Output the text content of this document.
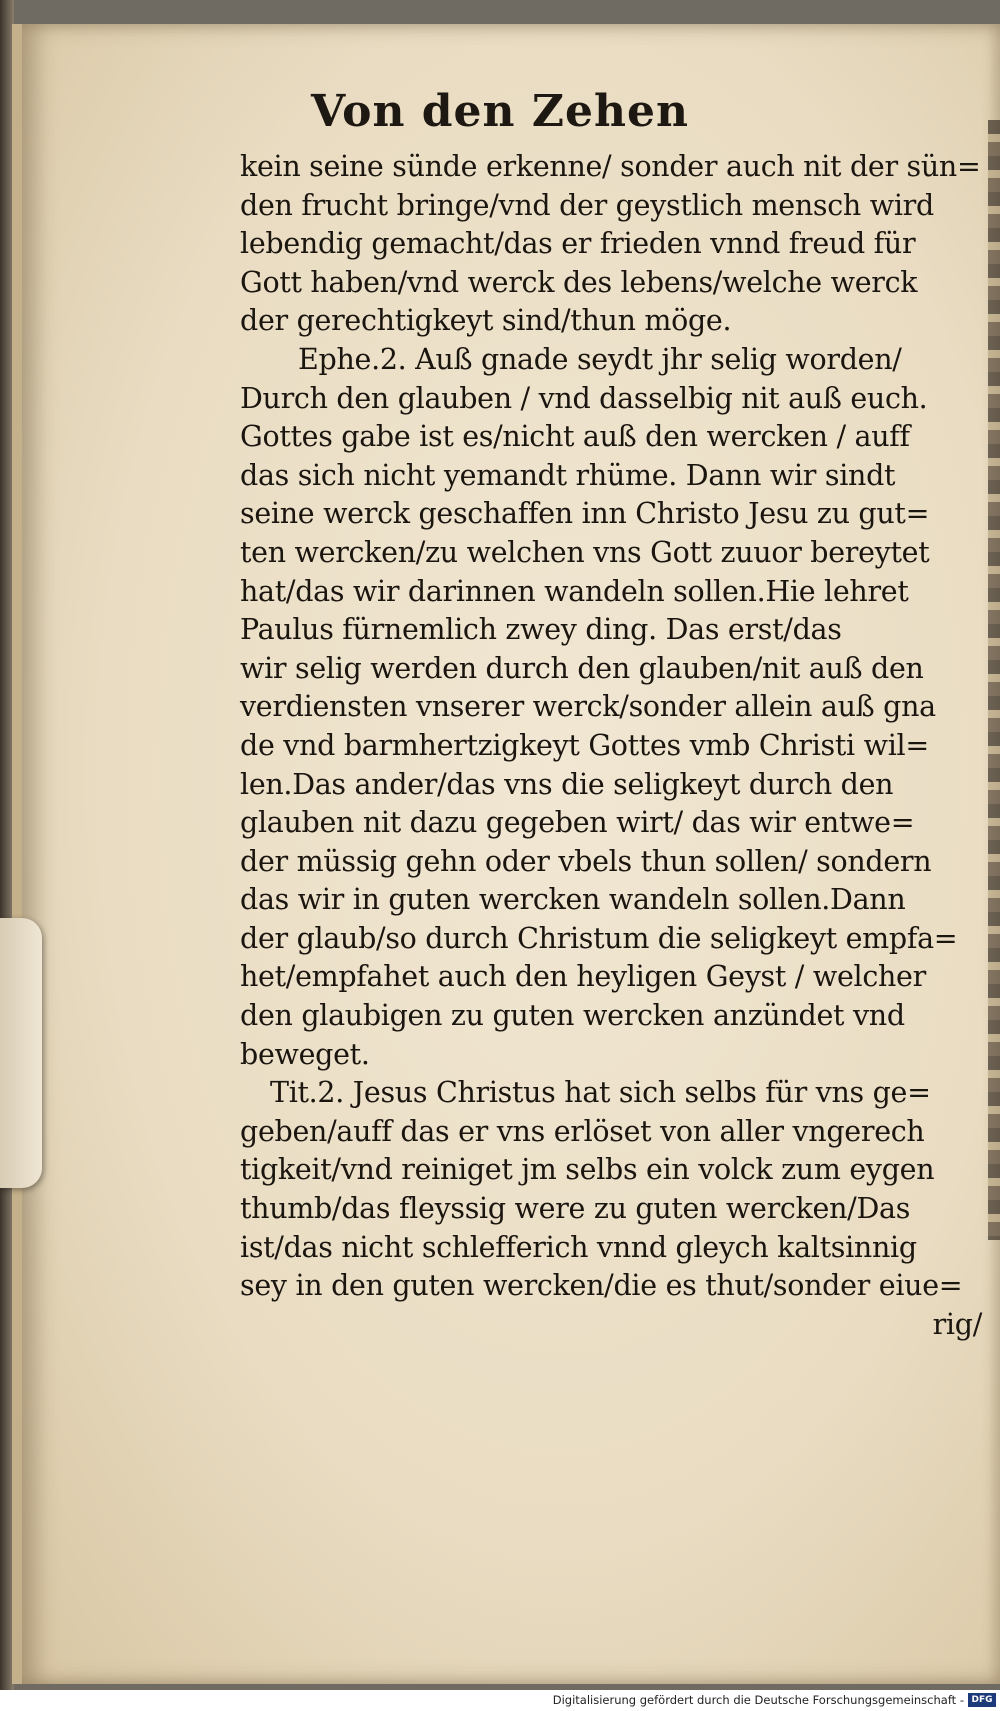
Von den Zehen
kein seine sünde erkenne/ sonder auch nit der sün=
den frucht bringe/vnd der geystlich mensch wird
lebendig gemacht/das er frieden vnnd freud für
Gott haben/vnd werck des lebens/welche werck
der gerechtigkeyt sind/thun möge.
Ephe.2. Auß gnade seydt jhr selig worden/
Durch den glauben / vnd dasselbig nit auß euch.
Gottes gabe ist es/nicht auß den wercken / auff
das sich nicht yemandt rhüme. Dann wir sindt
seine werck geschaffen inn Christo Jesu zu gut=
ten wercken/zu welchen vns Gott zuuor bereytet
hat/das wir darinnen wandeln sollen.Hie lehret
Paulus fürnemlich zwey ding. Das erst/das
wir selig werden durch den glauben/nit auß den
verdiensten vnserer werck/sonder allein auß gna
de vnd barmhertzigkeyt Gottes vmb Christi wil=
len.Das ander/das vns die seligkeyt durch den
glauben nit dazu gegeben wirt/ das wir entwe=
der müssig gehn oder vbels thun sollen/ sondern
das wir in guten wercken wandeln sollen.Dann
der glaub/so durch Christum die seligkeyt empfa=
het/empfahet auch den heyligen Geyst / welcher
den glaubigen zu guten wercken anzündet vnd
beweget.
Tit.2. Jesus Christus hat sich selbs für vns ge=
geben/auff das er vns erlöset von aller vngerech
tigkeit/vnd reiniget jm selbs ein volck zum eygen
thumb/das fleyssig were zu guten wercken/Das
ist/das nicht schlefferich vnnd gleych kaltsinnig
sey in den guten wercken/die es thut/sonder eiue=
rig/
Digitalisierung gefördert durch die Deutsche Forschungsgemeinschaft - DFG
